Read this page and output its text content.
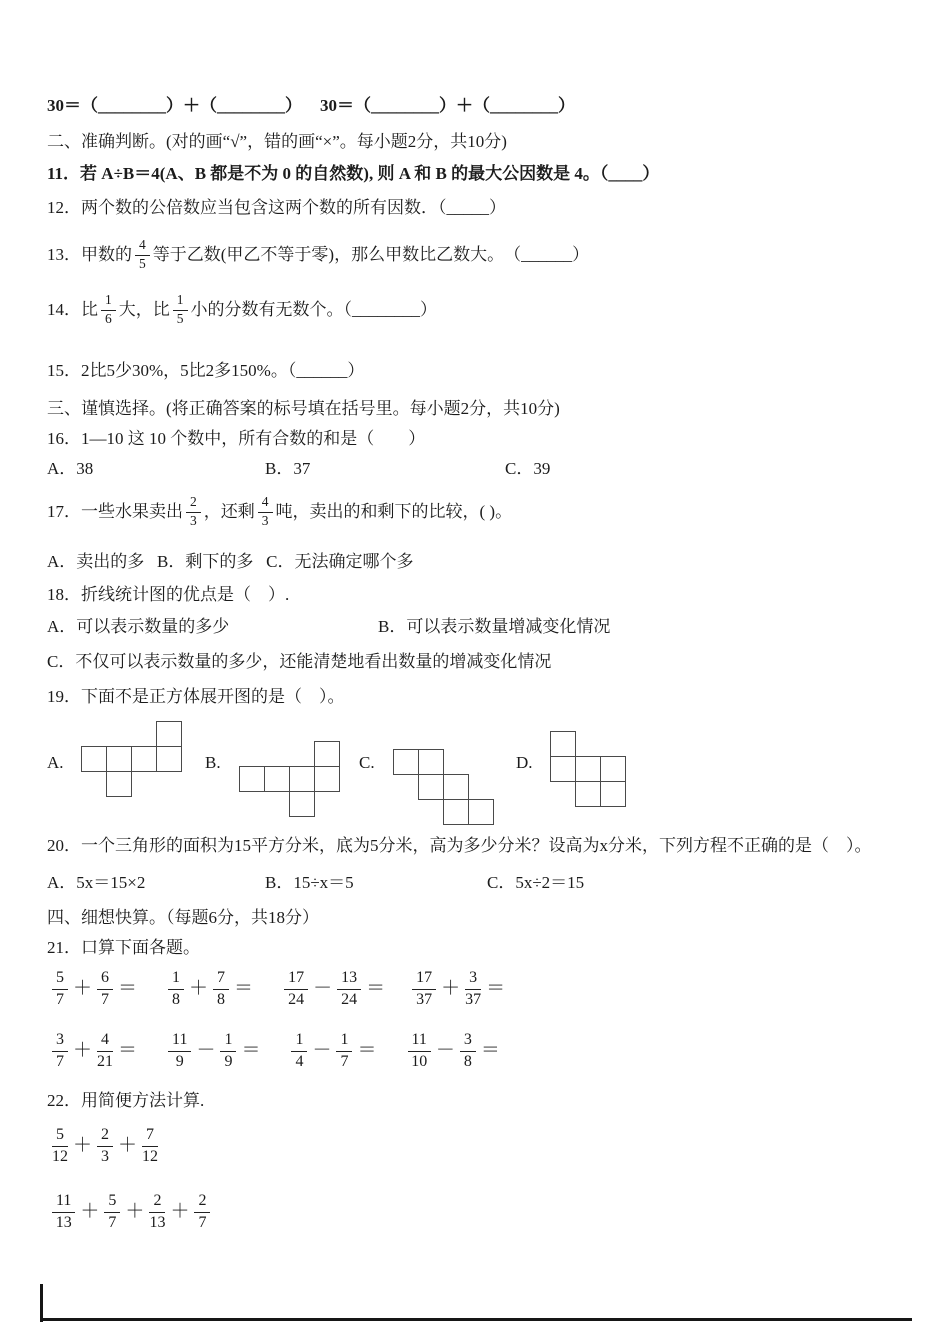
30＝（________）＋（________）	30＝（________）＋（________）
二、准确判断。(对的画“√”，错的画“×”。每小题2分，共10分)
11．若 A÷B＝4(A、B 都是不为 0 的自然数), 则 A 和 B 的最大公因数是 4。（____）
12．两个数的公倍数应当包含这两个数的所有因数．（_____）
13．甲数的 $\frac{4}{5}$ 等于乙数(甲乙不等于零)，那么甲数比乙数大。　（______）
14．比 $\frac{1}{6}$ 大，比 $\frac{1}{5}$ 小的分数有无数个。（________）
15．2比5少30%，5比2多150%。（______）
三、谨慎选择。(将正确答案的标号填在括号里。每小题2分，共10分)
16．1—10 这 10 个数中，所有合数的和是（　　）
A．38	B．37	C．39
17．一些水果卖出 $\frac{2}{3}$ ，还剩 $\frac{4}{3}$ 吨，卖出的和剩下的比较，( )。
A．卖出的多   B．剩下的多   C．无法确定哪个多
18．折线统计图的优点是（　）.
A．可以表示数量的多少	B．可以表示数量增减变化情况
C．不仅可以表示数量的多少，还能清楚地看出数量的增减变化情况
19．下面不是正方体展开图的是（　）。
A.	B.	C.	D.
20．一个三角形的面积为15平方分米，底为5分米，高为多少分米？设高为x分米，下列方程不正确的是（　）。
A．5x＝15×2	B．15÷x＝5	C．5x÷2＝15
四、细想快算。（每题6分，共18分）
21．口算下面各题。
$\frac{5}{7} + \frac{6}{7} = \frac{1}{8} + \frac{7}{8} = \frac{17}{24} - \frac{13}{24} = \frac{17}{37} + \frac{3}{37}$ ＝
$\frac{3}{7} + \frac{4}{21} = \frac{11}{9} - \frac{1}{9} = \frac{1}{4} - \frac{1}{7} = \frac{11}{10} - \frac{3}{8}$ ＝
22．用简便方法计算.
$\frac{5}{12} + \frac{2}{3} + \frac{7}{12}$
$\frac{11}{13} + \frac{5}{7} + \frac{2}{13} + \frac{2}{7}$
